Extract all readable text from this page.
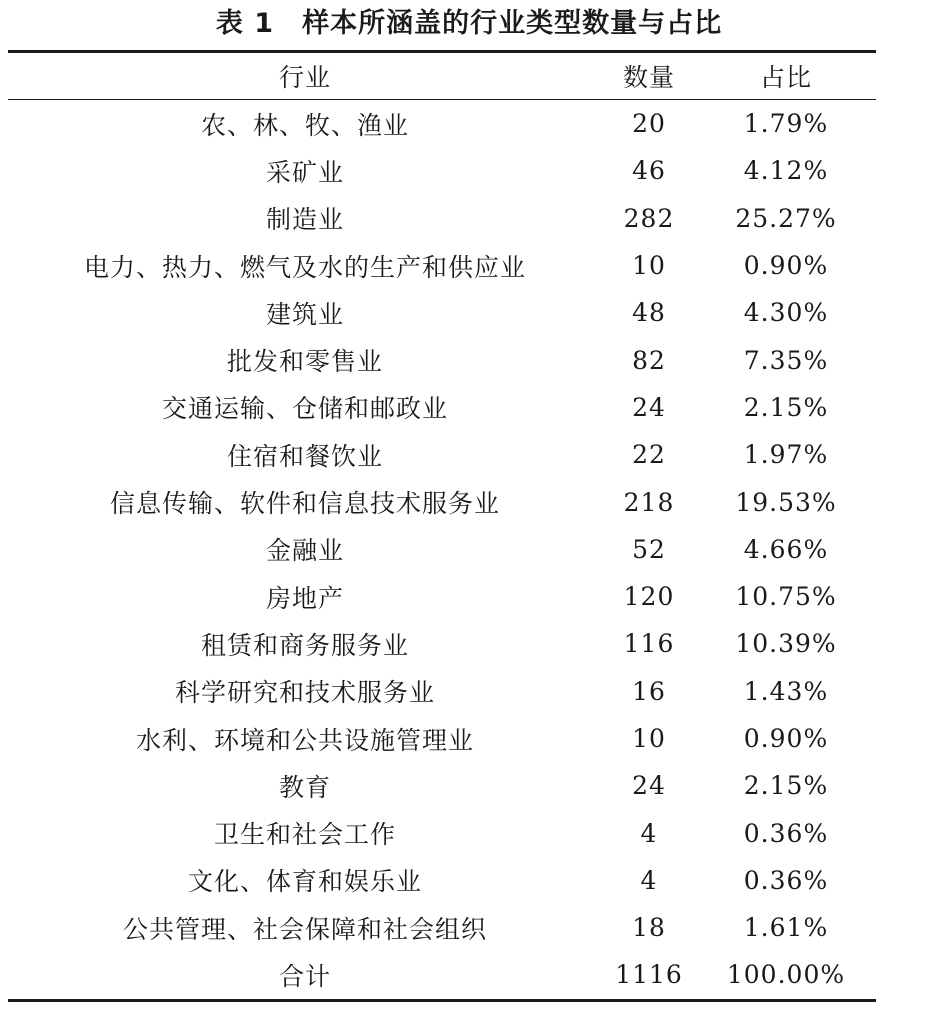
表 1 样本所涵盖的行业类型数量与占比
行业	数量	占比
农、林、牧、渔业	20	1.79%
采矿业	46	4.12%
制造业	282	25.27%
电力、热力、燃气及水的生产和供应业	10	0.90%
建筑业	48	4.30%
批发和零售业	82	7.35%
交通运输、仓储和邮政业	24	2.15%
住宿和餐饮业	22	1.97%
信息传输、软件和信息技术服务业	218	19.53%
金融业	52	4.66%
房地产	120	10.75%
租赁和商务服务业	116	10.39%
科学研究和技术服务业	16	1.43%
水利、环境和公共设施管理业	10	0.90%
教育	24	2.15%
卫生和社会工作	4	0.36%
文化、体育和娱乐业	4	0.36%
公共管理、社会保障和社会组织	18	1.61%
合计	1116	100.00%
